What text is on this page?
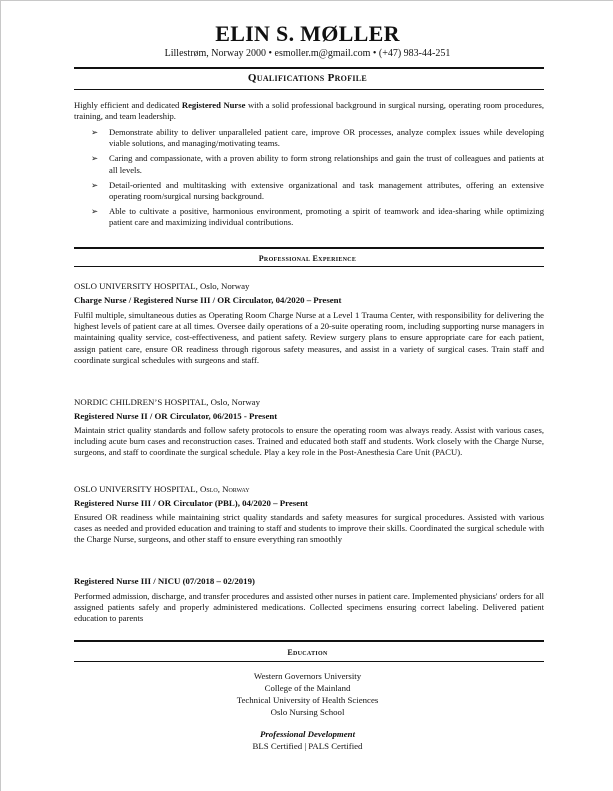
ELIN S. MØLLER
Lillestrøm, Norway 2000 • esmoller.m@gmail.com • (+47) 983-44-251
Qualifications Profile
Highly efficient and dedicated Registered Nurse with a solid professional background in surgical nursing, operating room procedures, training, and team leadership.
➢ Demonstrate ability to deliver unparalleled patient care, improve OR processes, analyze complex issues while developing viable solutions, and managing/motivating teams.
➢ Caring and compassionate, with a proven ability to form strong relationships and gain the trust of colleagues and patients at all levels.
➢ Detail-oriented and multitasking with extensive organizational and task management attributes, offering an extensive operating room/surgical nursing background.
➢ Able to cultivate a positive, harmonious environment, promoting a spirit of teamwork and idea-sharing while optimizing patient care and maximizing individual contributions.
Professional Experience
OSLO UNIVERSITY HOSPITAL, Oslo, Norway
Charge Nurse / Registered Nurse III / OR Circulator, 04/2020 – Present
Fulfil multiple, simultaneous duties as Operating Room Charge Nurse at a Level 1 Trauma Center, with responsibility for delivering the highest levels of patient care at all times. Oversee daily operations of a 20-suite operating room, including supporting nurse managers in maintaining quality service, cost-effectiveness, and patient safety. Review surgery plans to ensure appropriate care for each patient, assign patient care, ensure OR readiness through rigorous safety measures, and assist in a variety of surgical cases. Train staff and coordinate surgical schedules with surgeons and staff.
NORDIC CHILDREN’S HOSPITAL, Oslo, Norway
Registered Nurse II / OR Circulator, 06/2015 - Present
Maintain strict quality standards and follow safety protocols to ensure the operating room was always ready. Assist with various cases, including acute burn cases and reconstruction cases. Trained and educated both staff and students. Work closely with the Charge Nurse, surgeons, and staff to coordinate the surgical schedule. Play a key role in the Post-Anesthesia Care Unit (PACU).
OSLO UNIVERSITY HOSPITAL, Oslo, Norway
Registered Nurse III / OR Circulator (PBL), 04/2020 – Present
Ensured OR readiness while maintaining strict quality standards and safety measures for surgical procedures. Assisted with various cases as needed and provided education and training to staff and students to improve their skills. Coordinated the surgical schedule with the Charge Nurse, surgeons, and other staff to ensure everything ran smoothly
Registered Nurse III / NICU (07/2018 – 02/2019)
Performed admission, discharge, and transfer procedures and assisted other nurses in patient care. Implemented physicians' orders for all assigned patients safely and properly administered medications. Collected specimens ensuring correct labeling. Delivered patient education to parents
Education
Western Governors University
College of the Mainland
Technical University of Health Sciences
Oslo Nursing School
Professional Development
BLS Certified | PALS Certified
